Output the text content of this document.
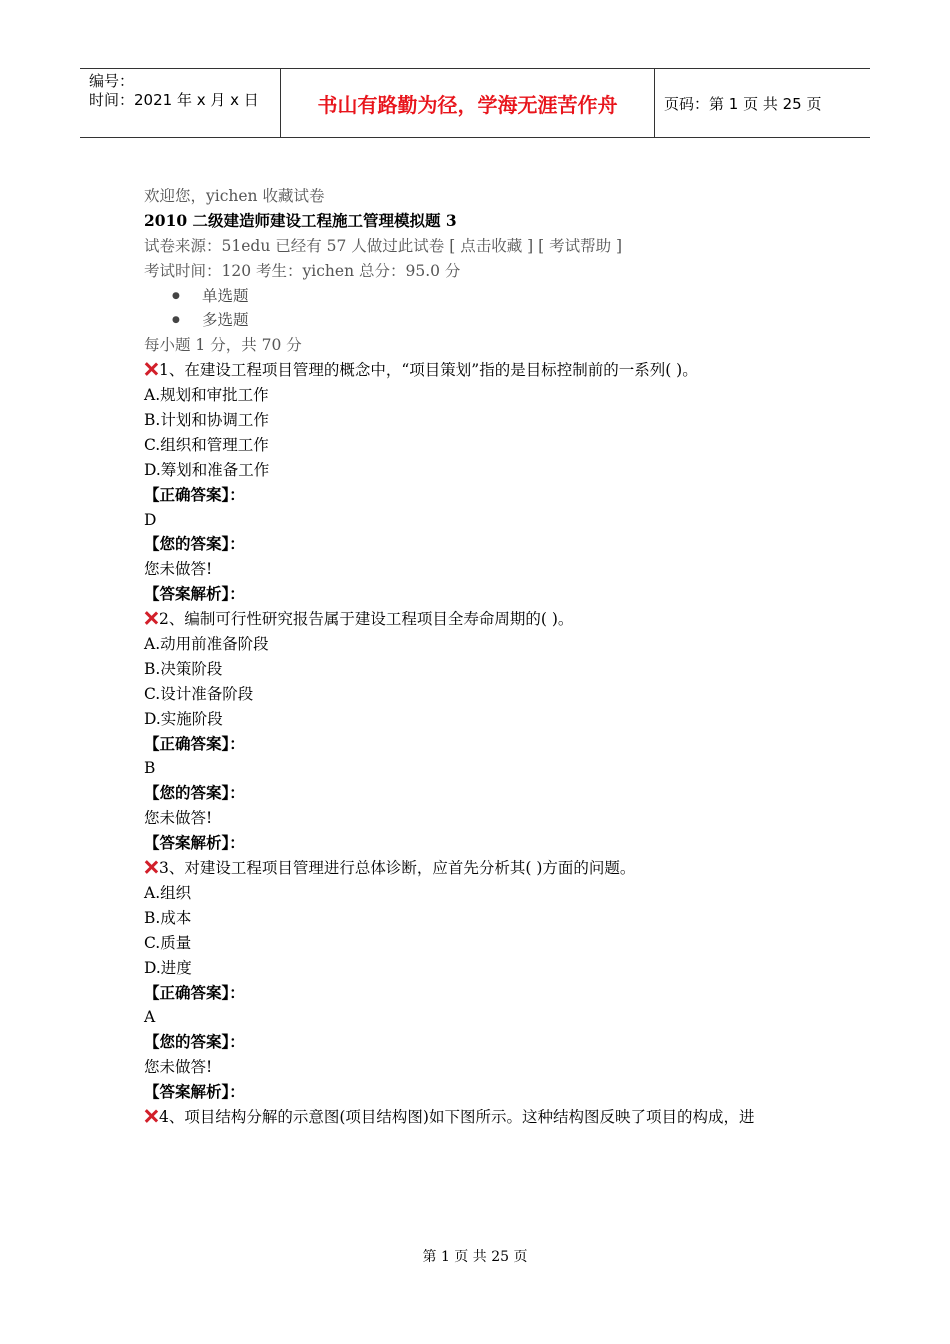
编号：
时间：2021 年 x 月 x 日	书山有路勤为径，学海无涯苦作舟	页码：第 1 页 共 25 页
欢迎您，yichen 收藏试卷
2010 二级建造师建设工程施工管理模拟题 3
试卷来源：51edu 已经有 57 人做过此试卷 [ 点击收藏 ] [ 考试帮助 ]
考试时间：120 考生：yichen 总分：95.0 分
● 单选题
● 多选题
每小题 1 分，共 70 分
1、在建设工程项目管理的概念中，“项目策划”指的是目标控制前的一系列( )。
A.规划和审批工作
B.计划和协调工作
C.组织和管理工作
D.筹划和准备工作
【正确答案】：
D
【您的答案】：
您未做答!
【答案解析】：
2、编制可行性研究报告属于建设工程项目全寿命周期的( )。
A.动用前准备阶段
B.决策阶段
C.设计准备阶段
D.实施阶段
【正确答案】：
B
【您的答案】：
您未做答!
【答案解析】：
3、对建设工程项目管理进行总体诊断，应首先分析其( )方面的问题。
A.组织
B.成本
C.质量
D.进度
【正确答案】：
A
【您的答案】：
您未做答!
【答案解析】：
4、项目结构分解的示意图(项目结构图)如下图所示。这种结构图反映了项目的构成，进
第 1 页 共 25 页
